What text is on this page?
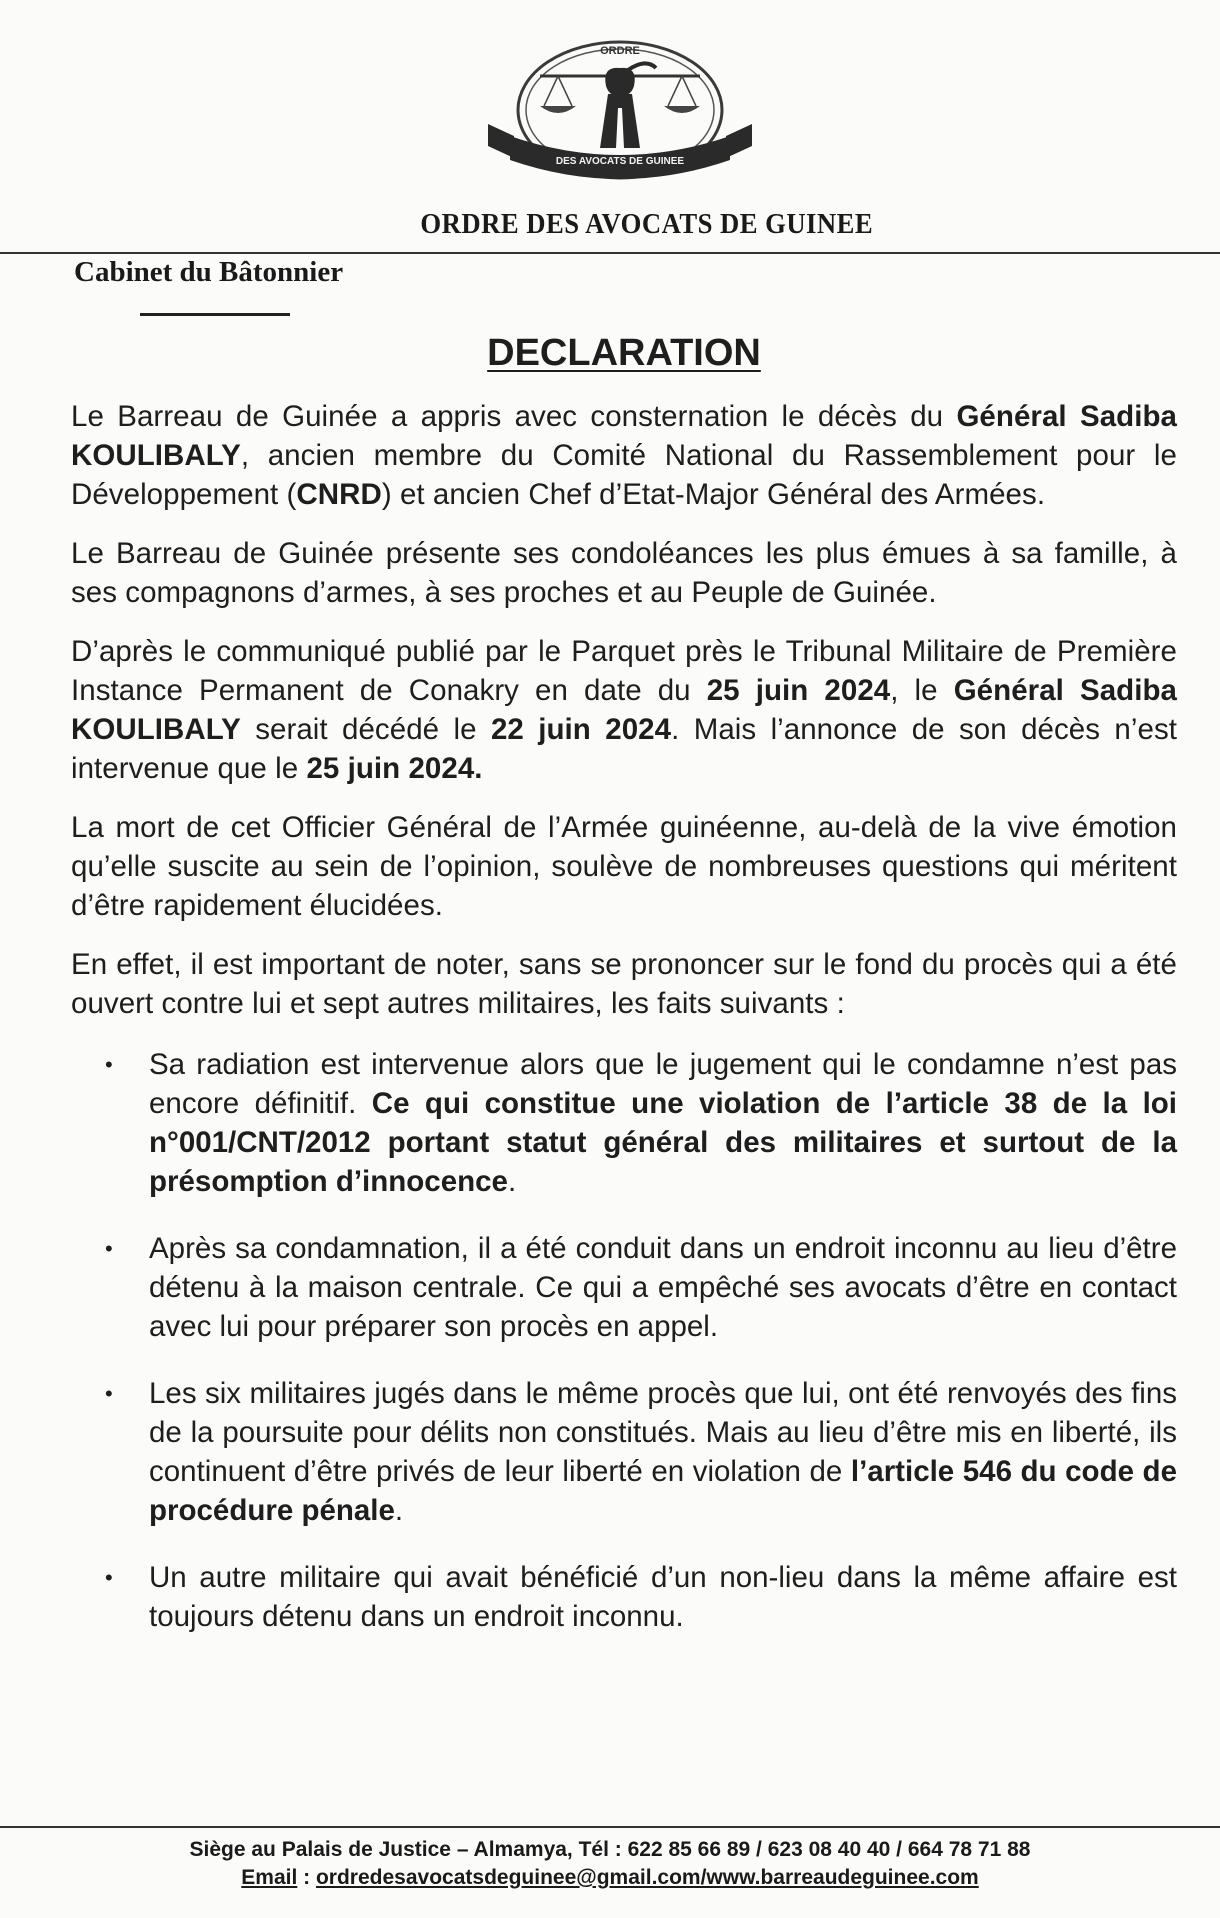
ORDRE
DES AVOCATS DE GUINEE
ORDRE DES AVOCATS DE GUINEE
Cabinet du Bâtonnier
DECLARATION

Le Barreau de Guinée a appris avec consternation le décès du Général Sadiba KOULIBALY, ancien membre du Comité National du Rassemblement pour le Développement (CNRD) et ancien Chef d’Etat-Major Général des Armées.

Le Barreau de Guinée présente ses condoléances les plus émues à sa famille, à ses compagnons d’armes, à ses proches et au Peuple de Guinée.

D’après le communiqué publié par le Parquet près le Tribunal Militaire de Première Instance Permanent de Conakry en date du 25 juin 2024, le Général Sadiba KOULIBALY serait décédé le 22 juin 2024. Mais l’annonce de son décès n’est intervenue que le 25 juin 2024.

La mort de cet Officier Général de l’Armée guinéenne, au-delà de la vive émotion qu’elle suscite au sein de l’opinion, soulève de nombreuses questions qui méritent d’être rapidement élucidées.

En effet, il est important de noter, sans se prononcer sur le fond du procès qui a été ouvert contre lui et sept autres militaires, les faits suivants :

• Sa radiation est intervenue alors que le jugement qui le condamne n’est pas encore définitif. Ce qui constitue une violation de l’article 38 de la loi n°001/CNT/2012 portant statut général des militaires et surtout de la présomption d’innocence.
• Après sa condamnation, il a été conduit dans un endroit inconnu au lieu d’être détenu à la maison centrale. Ce qui a empêché ses avocats d’être en contact avec lui pour préparer son procès en appel.
• Les six militaires jugés dans le même procès que lui, ont été renvoyés des fins de la poursuite pour délits non constitués. Mais au lieu d’être mis en liberté, ils continuent d’être privés de leur liberté en violation de l’article 546 du code de procédure pénale.
• Un autre militaire qui avait bénéficié d’un non-lieu dans la même affaire est toujours détenu dans un endroit inconnu.
Siège au Palais de Justice – Almamya, Tél : 622 85 66 89 / 623 08 40 40 / 664 78 71 88
Email : ordredesavocatsdeguinee@gmail.com/www.barreaudeguinee.com
